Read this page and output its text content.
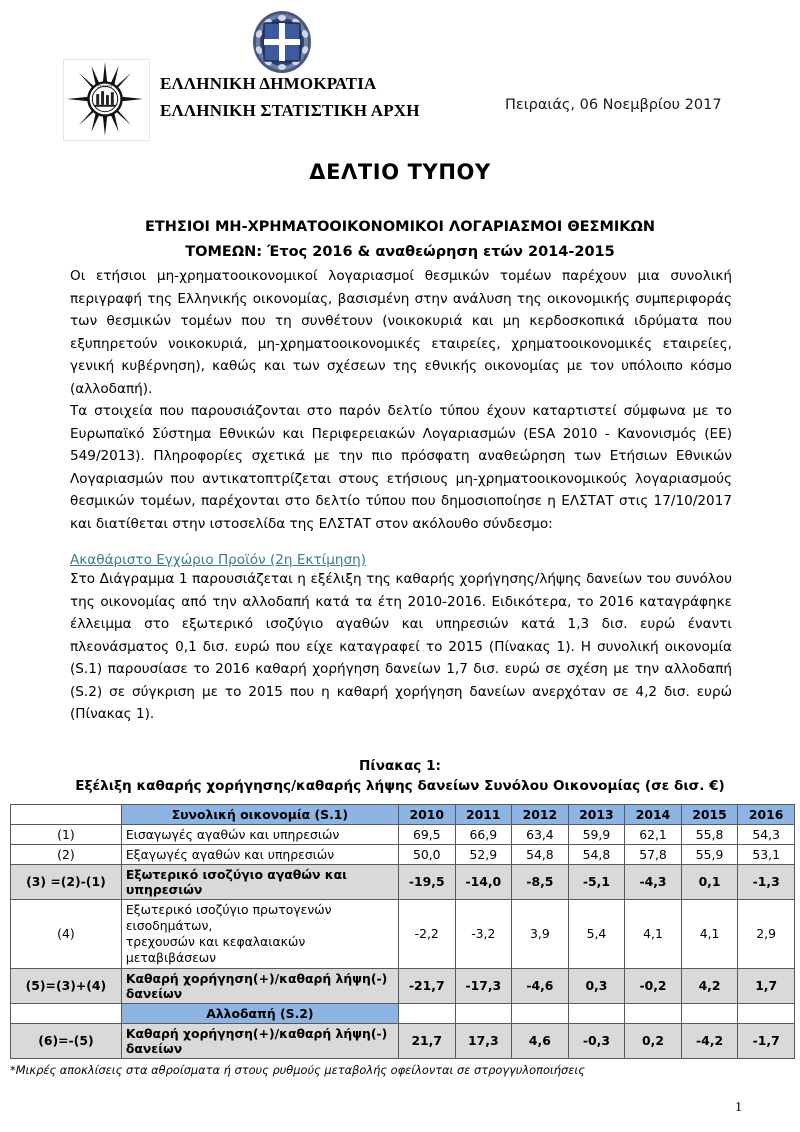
ΣΤΑΤΙΣΤ	ΕΛΛΗΝΙΚΗ ΔΗΜΟΚΡΑΤΙΑ
ΕΛΛΗΝΙΚΗ ΣΤΑΤΙΣΤΙΚΗ ΑΡΧΗ	Πειραιάς, 06 Νοεμβρίου 2017
ΔΕΛΤΙΟ ΤΥΠΟΥ
ΕΤΗΣΙΟΙ ΜΗ-ΧΡΗΜΑΤΟΟΙΚΟΝΟΜΙΚΟΙ ΛΟΓΑΡΙΑΣΜΟΙ ΘΕΣΜΙΚΩΝ
ΤΟΜΕΩΝ: Έτος 2016 & αναθεώρηση ετών 2014-2015

Οι ετήσιοι μη-χρηματοοικονομικοί λογαριασμοί θεσμικών τομέων παρέχουν μια συνολική περιγραφή της Ελληνικής οικονομίας, βασισμένη στην ανάλυση της οικονομικής συμπεριφοράς των θεσμικών τομέων που τη συνθέτουν (νοικοκυριά και μη κερδοσκοπικά ιδρύματα που εξυπηρετούν νοικοκυριά, μη-χρηματοοικονομικές εταιρείες, χρηματοοικονομικές εταιρείες, γενική κυβέρνηση), καθώς και των σχέσεων της εθνικής οικονομίας με τον υπόλοιπο κόσμο (αλλοδαπή).

Τα στοιχεία που παρουσιάζονται στο παρόν δελτίο τύπου έχουν καταρτιστεί σύμφωνα με το Ευρωπαϊκό Σύστημα Εθνικών και Περιφερειακών Λογαριασμών (ESA 2010 - Κανονισμός (ΕΕ) 549/2013). Πληροφορίες σχετικά με την πιο πρόσφατη αναθεώρηση των Ετήσιων Εθνικών Λογαριασμών που αντικατοπτρίζεται στους ετήσιους μη-χρηματοοικονομικούς λογαριασμούς θεσμικών τομέων, παρέχονται στο δελτίο τύπου που δημοσιοποίησε η ΕΛΣΤΑΤ στις 17/10/2017 και διατίθεται στην ιστοσελίδα της ΕΛΣΤΑΤ στον ακόλουθο σύνδεσμο:

Ακαθάριστο Εγχώριο Προϊόν (2η Εκτίμηση)

Στο Διάγραμμα 1 παρουσιάζεται η εξέλιξη της καθαρής χορήγησης/λήψης δανείων του συνόλου της οικονομίας από την αλλοδαπή κατά τα έτη 2010-2016. Ειδικότερα, το 2016 καταγράφηκε έλλειμμα στο εξωτερικό ισοζύγιο αγαθών και υπηρεσιών κατά 1,3 δισ. ευρώ έναντι πλεονάσματος 0,1 δισ. ευρώ που είχε καταγραφεί το 2015 (Πίνακας 1). Η συνολική οικονομία (S.1) παρουσίασε το 2016 καθαρή χορήγηση δανείων 1,7 δισ. ευρώ σε σχέση με την αλλοδαπή (S.2) σε σύγκριση με το 2015 που η καθαρή χορήγηση δανείων ανερχόταν σε 4,2 δισ. ευρώ (Πίνακας 1).

Πίνακας 1:
Εξέλιξη καθαρής χορήγησης/καθαρής λήψης δανείων Συνόλου Οικονομίας (σε δισ. €)
	Συνολική οικονομία (S.1)	2010	2011	2012	2013	2014	2015	2016
(1)	Εισαγωγές αγαθών και υπηρεσιών	69,5	66,9	63,4	59,9	62,1	55,8	54,3
(2)	Εξαγωγές αγαθών και υπηρεσιών	50,0	52,9	54,8	54,8	57,8	55,9	53,1
(3) =(2)-(1)	Εξωτερικό ισοζύγιο αγαθών και υπηρεσιών	-19,5	-14,0	-8,5	-5,1	-4,3	0,1	-1,3
(4)	Εξωτερικό ισοζύγιο πρωτογενών εισοδημάτων,
τρεχουσών και κεφαλαιακών μεταβιβάσεων	-2,2	-3,2	3,9	5,4	4,1	4,1	2,9
(5)=(3)+(4)	Καθαρή χορήγηση(+)/καθαρή λήψη(-) δανείων	-21,7	-17,3	-4,6	0,3	-0,2	4,2	1,7
	Αλλοδαπή (S.2)							
(6)=-(5)	Καθαρή χορήγηση(+)/καθαρή λήψη(-) δανείων	21,7	17,3	4,6	-0,3	0,2	-4,2	-1,7
*Μικρές αποκλίσεις στα αθροίσματα ή στους ρυθμούς μεταβολής οφείλονται σε στρογγυλοποιήσεις
1
